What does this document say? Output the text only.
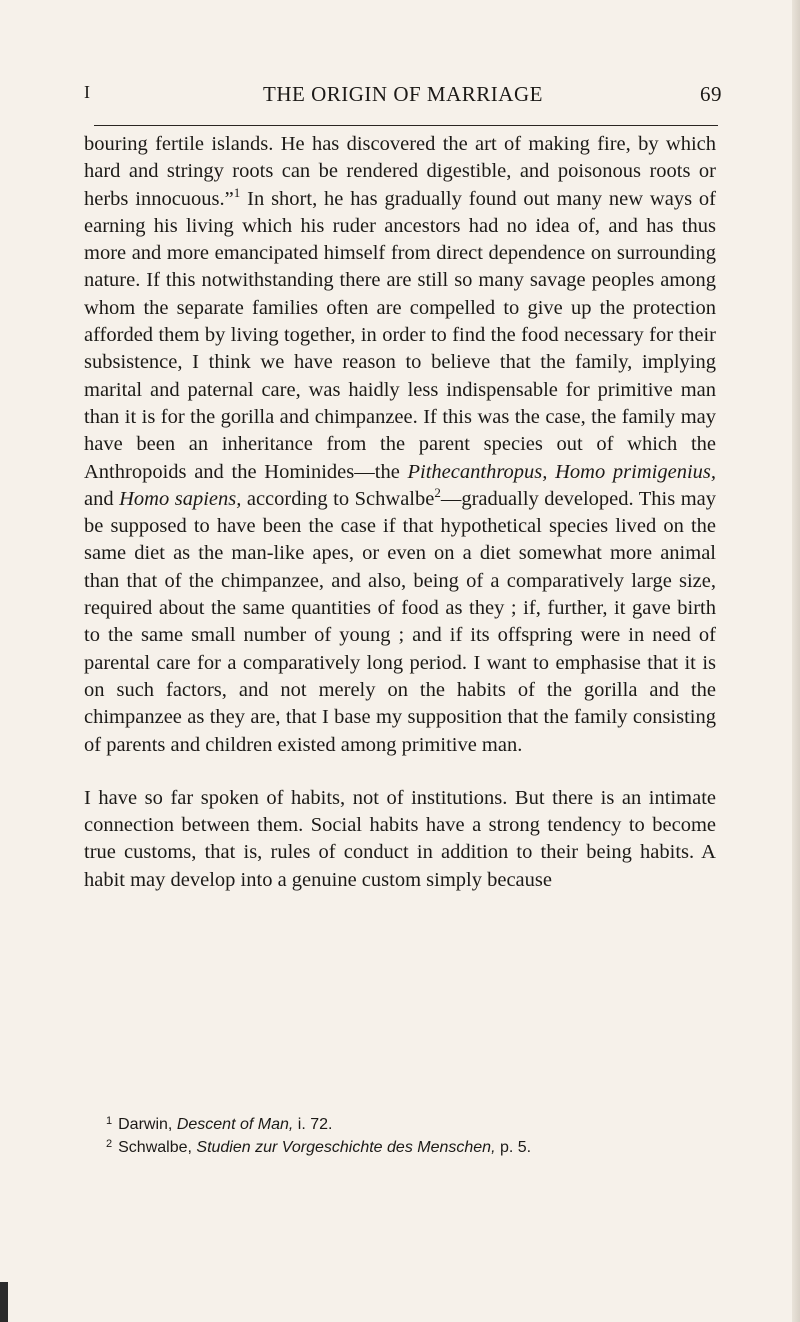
I	THE ORIGIN OF MARRIAGE	69

bouring fertile islands. He has discovered the art of making fire, by which hard and stringy roots can be rendered digestible, and poisonous roots or herbs innocuous.”$^1$ In short, he has gradually found out many new ways of earning his living which his ruder ancestors had no idea of, and has thus more and more emancipated himself from direct dependence on surrounding nature. If this notwithstanding there are still so many savage peoples among whom the separate families often are compelled to give up the protection afforded them by living together, in order to find the food necessary for their subsistence, I think we have reason to believe that the family, implying marital and paternal care, was haidly less indispensable for primitive man than it is for the gorilla and chimpanzee. If this was the case, the family may have been an inheritance from the parent species out of which the Anthropoids and the Hominides—the Pithecanthropus, Homo primigenius, and Homo sapiens, according to Schwalbe$^2$—gradually developed. This may be supposed to have been the case if that hypothetical species lived on the same diet as the man-like apes, or even on a diet somewhat more animal than that of the chimpanzee, and also, being of a comparatively large size, required about the same quantities of food as they ; if, further, it gave birth to the same small number of young ; and if its offspring were in need of parental care for a comparatively long period. I want to emphasise that it is on such factors, and not merely on the habits of the gorilla and the chimpanzee as they are, that I base my supposition that the family consisting of parents and children existed among primitive man.

I have so far spoken of habits, not of institutions. But there is an intimate connection between them. Social habits have a strong tendency to become true customs, that is, rules of conduct in addition to their being habits. A habit may develop into a genuine custom simply because

$^1$ Darwin, Descent of Man, i. 72.

$^2$ Schwalbe, Studien zur Vorgeschichte des Menschen, p. 5.
